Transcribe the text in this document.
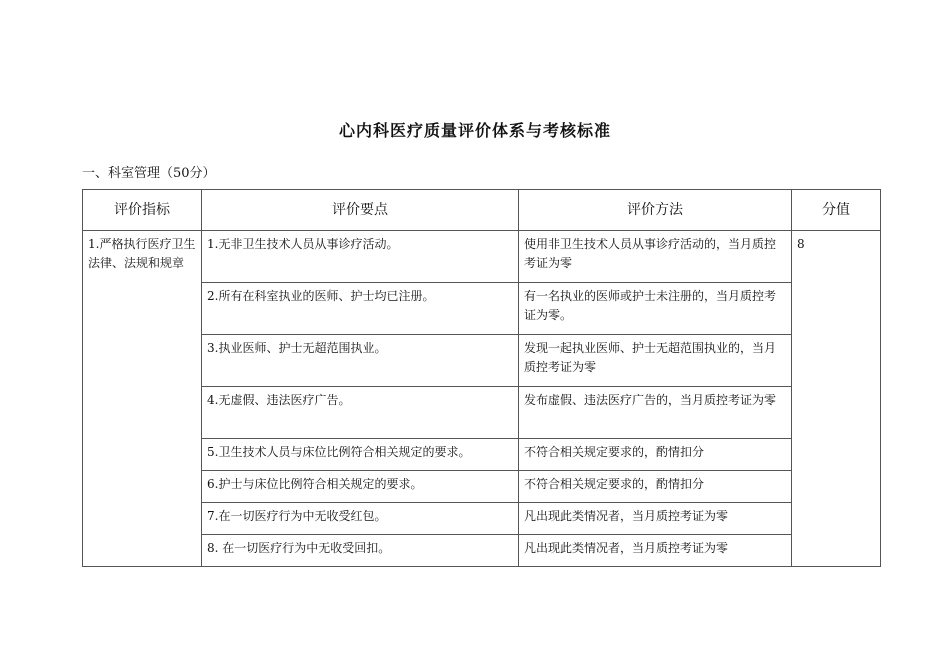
心内科医疗质量评价体系与考核标准
一、科室管理（50分）
评价指标	评价要点	评价方法	分值
1.严格执行医疗卫生法律、法规和规章	1.无非卫生技术人员从事诊疗活动。	使用非卫生技术人员从事诊疗活动的，当月质控考证为零	8
	2.所有在科室执业的医师、护士均已注册。	有一名执业的医师或护士未注册的，当月质控考证为零。	
	3.执业医师、护士无超范围执业。	发现一起执业医师、护士无超范围执业的，当月质控考证为零	
	4.无虚假、违法医疗广告。	发布虚假、违法医疗广告的，当月质控考证为零	
	5.卫生技术人员与床位比例符合相关规定的要求。	不符合相关规定要求的，酌情扣分	
	6.护士与床位比例符合相关规定的要求。	不符合相关规定要求的，酌情扣分	
	7.在一切医疗行为中无收受红包。	凡出现此类情况者，当月质控考证为零	
	8. 在一切医疗行为中无收受回扣。	凡出现此类情况者，当月质控考证为零	
